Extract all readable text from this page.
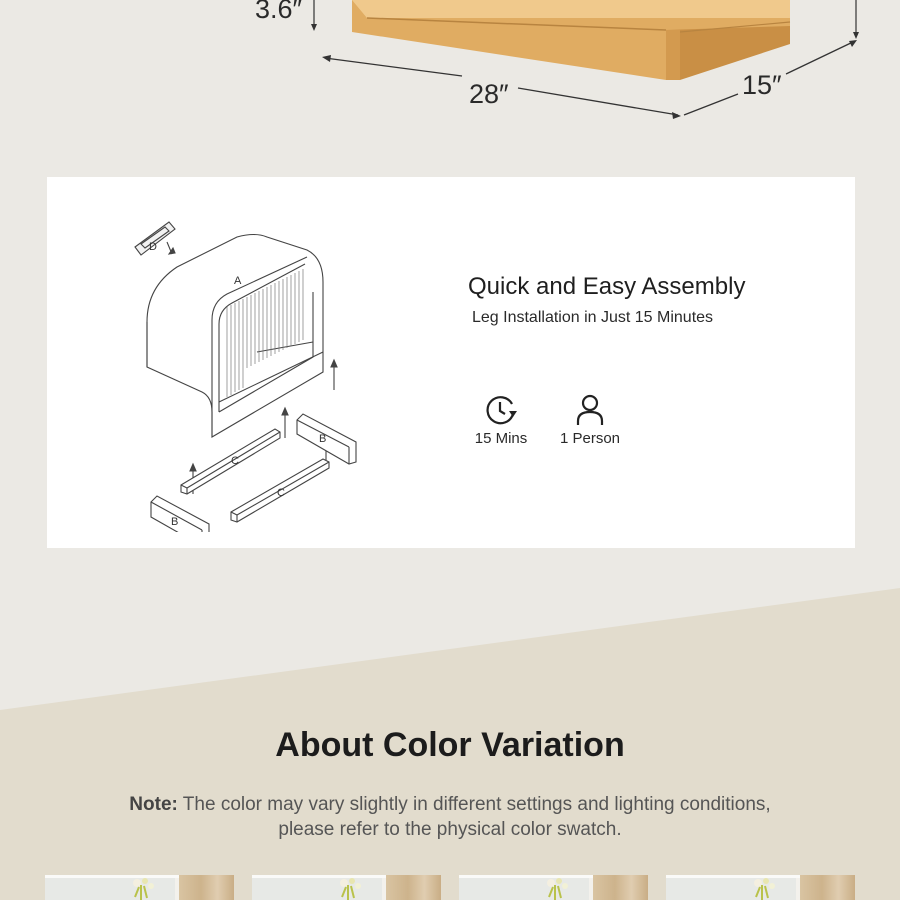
3.6″
28″	15″
D
A
B
C
C
B
Quick and Easy Assembly
Leg Installation in Just 15 Minutes
15 Mins	1 Person
About Color Variation
Note: The color may vary slightly in different settings and lighting conditions, please refer to the physical color swatch.
